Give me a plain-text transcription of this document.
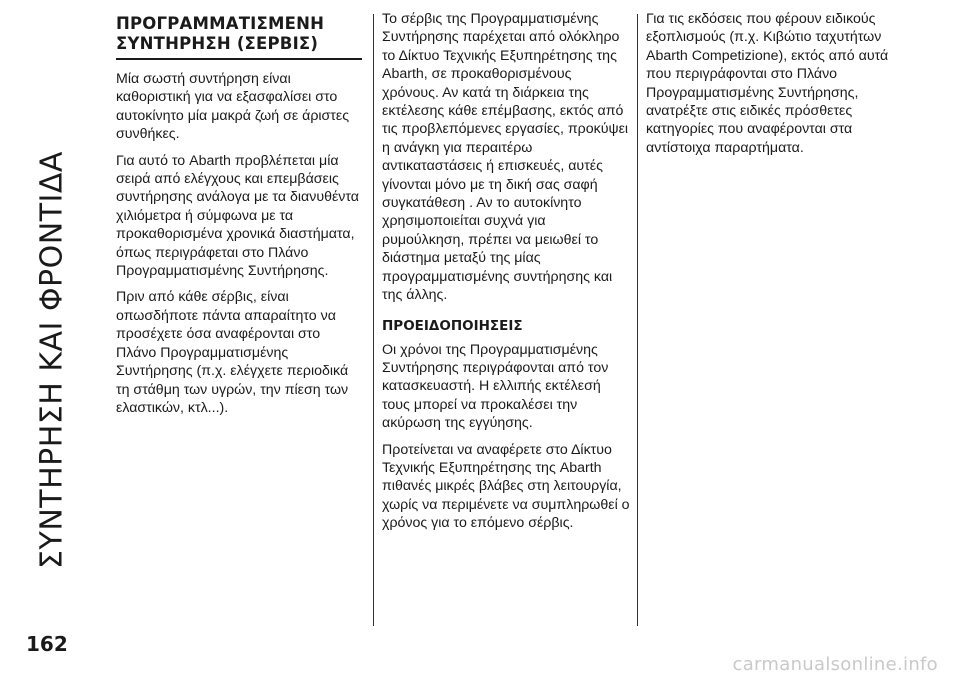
ΣΥΝΤΗΡΗΣΗ ΚΑΙ ΦΡΟΝΤΙΔΑ
162
ΠΡΟΓΡΑΜΜΑΤΙΣΜΕΝΗ
ΣΥΝΤΗΡΗΣΗ (ΣΕΡΒΙΣ)

Μία σωστή συντήρηση είναι καθοριστική για να εξασφαλίσει στο αυτοκίνητο μία μακρά ζωή σε άριστες συνθήκες.

Για αυτό το Abarth προβλέπεται μία σειρά από ελέγχους και επεμβάσεις συντήρησης ανάλογα με τα διανυθέντα χιλιόμετρα ή σύμφωνα με τα προκαθορισμένα χρονικά διαστήματα, όπως περιγράφεται στο Πλάνο Προγραμματισμένης Συντήρησης.

Πριν από κάθε σέρβις, είναι οπωσδήποτε πάντα απαραίτητο να προσέχετε όσα αναφέρονται στο Πλάνο Προγραμματισμένης Συντήρησης (π.χ. ελέγχετε περιοδικά τη στάθμη των υγρών, την πίεση των ελαστικών, κτλ...).

Το σέρβις της Προγραμματισμένης Συντήρησης παρέχεται από ολόκληρο το Δίκτυο Τεχνικής Εξυπηρέτησης της Abarth, σε προκαθορισμένους χρόνους. Αν κατά τη διάρκεια της εκτέλεσης κάθε επέμβασης, εκτός από τις προβλεπόμενες εργασίες, προκύψει η ανάγκη για περαιτέρω αντικαταστάσεις ή επισκευές, αυτές γίνονται μόνο με τη δική σας σαφή συγκατάθεση . Αν το αυτοκίνητο χρησιμοποιείται συχνά για ρυμούλκηση, πρέπει να μειωθεί το διάστημα μεταξύ της μίας προγραμματισμένης συντήρησης και της άλλης.

ΠΡΟΕΙΔΟΠΟΙΗΣΕΙΣ

Οι χρόνοι της Προγραμματισμένης Συντήρησης περιγράφονται από τον κατασκευαστή. Η ελλιπής εκτέλεσή τους μπορεί να προκαλέσει την ακύρωση της εγγύησης.

Προτείνεται να αναφέρετε στο Δίκτυο Τεχνικής Εξυπηρέτησης της Abarth πιθανές μικρές βλάβες στη λειτουργία, χωρίς να περιμένετε να συμπληρωθεί ο χρόνος για το επόμενο σέρβις.

Για τις εκδόσεις που φέρουν ειδικούς εξοπλισμούς (π.χ. Κιβώτιο ταχυτήτων Abarth Competizione), εκτός από αυτά που περιγράφονται στο Πλάνο Προγραμματισμένης Συντήρησης, ανατρέξτε στις ειδικές πρόσθετες κατηγορίες που αναφέρονται στα αντίστοιχα παραρτήματα.

carmanualsonline.info
